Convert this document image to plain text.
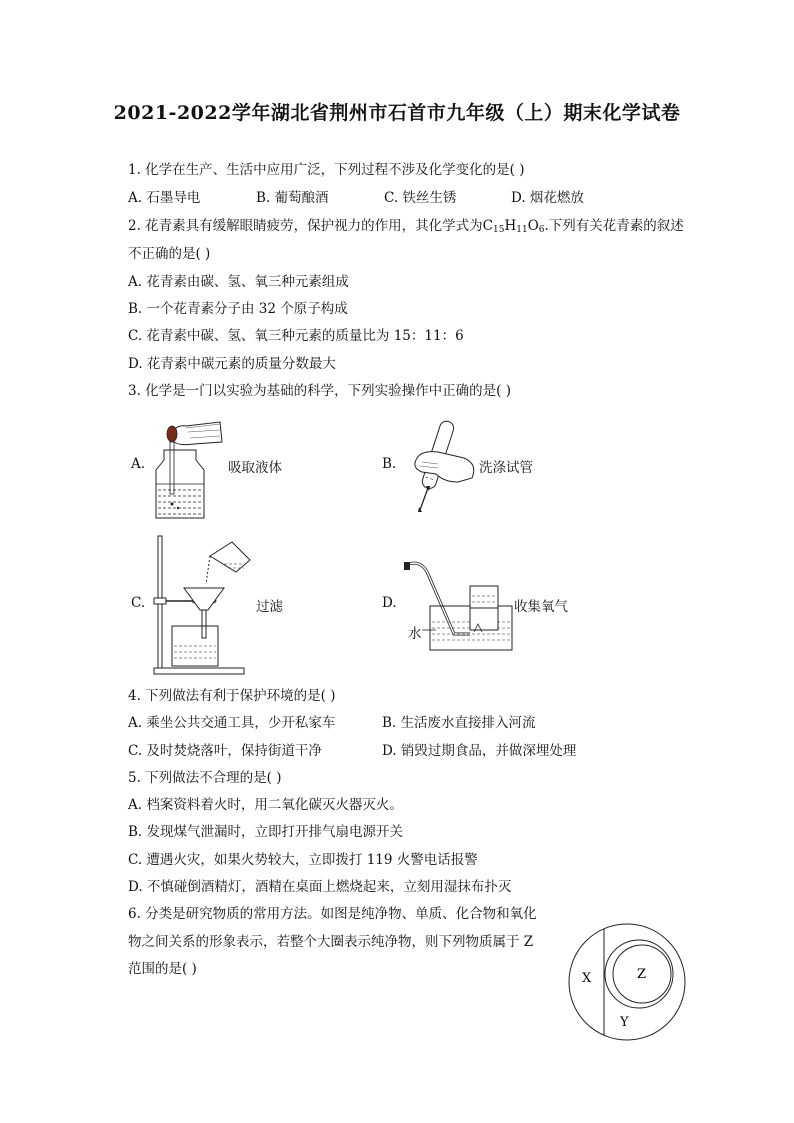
2021-2022学年湖北省荆州市石首市九年级（上）期末化学试卷
1. 化学在生产、生活中应用广泛，下列过程不涉及化学变化的是( )
A. 石墨导电	B. 葡萄酿酒	C. 铁丝生锈	D. 烟花燃放
2. 花青素具有缓解眼睛疲劳，保护视力的作用，其化学式为$C_{15}H_{11}O_6$.下列有关花青素的叙述
不正确的是( )
A. 花青素由碳、氢、氧三种元素组成
B. 一个花青素分子由 32 个原子构成
C. 花青素中碳、氢、氧三种元素的质量比为 15：11：6
D. 花青素中碳元素的质量分数最大
3. 化学是一门以实验为基础的科学，下列实验操作中正确的是( )
A.	吸取液体	B.	洗涤试管
C.	过滤	D.
水
收集氧气
4. 下列做法有利于保护环境的是( )
A. 乘坐公共交通工具，少开私家车	B. 生活废水直接排入河流
C. 及时焚烧落叶，保持街道干净	D. 销毁过期食品，并做深埋处理
5. 下列做法不合理的是( )
A. 档案资料着火时，用二氧化碳灭火器灭火。
B. 发现煤气泄漏时，立即打开排气扇电源开关
C. 遭遇火灾，如果火势较大，立即拨打 119 火警电话报警
D. 不慎碰倒酒精灯，酒精在桌面上燃烧起来，立刻用湿抹布扑灭
6. 分类是研究物质的常用方法。如图是纯净物、单质、化合物和氧化
物之间关系的形象表示，若整个大圈表示纯净物，则下列物质属于 Z
范围的是( )
X	Z
Y
